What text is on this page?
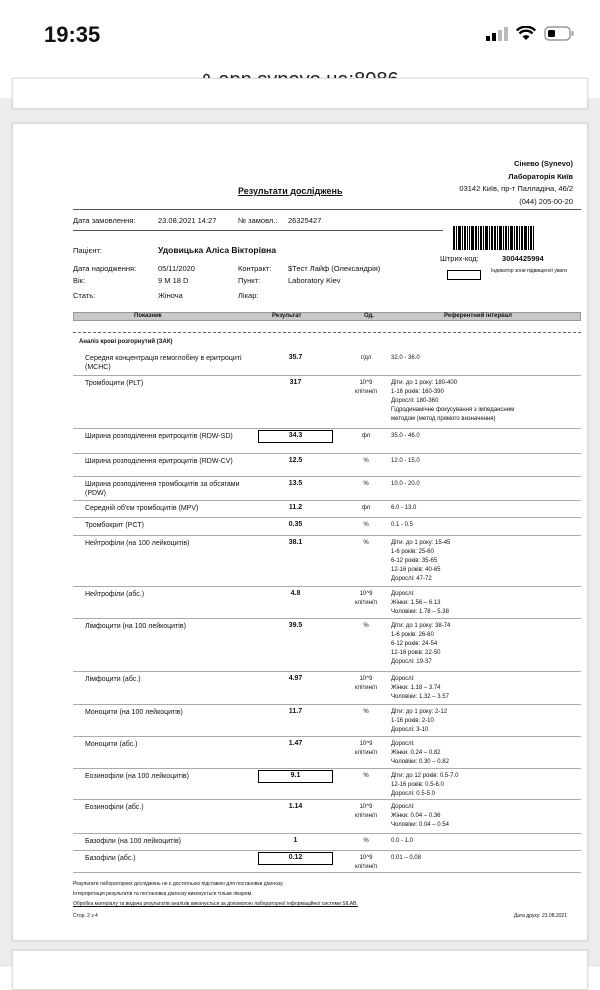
19:35
Сінево (Synevo)
Лабораторія Київ
03142 Київ, пр-т Палладіна, 46/2
(044) 205-00-20
Результати досліджень
Дата замовлення:	23.08.2021 14:27	№ замовл.: 26325427
Пацієнт:	Удовицька Аліса Вікторівна
Штрих-код:	3004425994
Індикатор зони підвищеної уваги
Дата народження:	05/11/2020	Контракт: $Тест Лайф (Олександрія)
Вік:	9 M 18 D	Пункт:	Laboratory Kiev
Стать:	Жіноча	Лікар:
Показник	Результат	Од.	Референтний інтервал
Аналіз крові розгорнутий (ЗАК)
Середня концентрація гемоглобіну в еритроциті (MCHC)
35.7	г/дл	32.0 - 36.0
Тромбоцити (PLT)	317	10^9 клітин/л
Діти: до 1 року: 180-400
1-16 років: 160-390
Дорослі: 180-360
Гідродинамічне фокусування з імпедансним
методом (метод прямого визначення)
Ширина розподілення еритроцитів (RDW-SD)	34.3	фл	35.0 - 46.0
Ширина розподілення еритроцитів (RDW-CV)	12.5	%	12.0 - 15.0
Ширина розподілення тромбоцитів за обсягами (PDW)
13.5	%	10.0 - 20.0
Середній об'єм тромбоцитів (MPV)	11.2	фл	6.0 - 13.0
Тромбокрит (PCT)	0.35	%	0.1 - 0.5
Нейтрофіли (на 100 лейкоцитів)	38.1	%	Діти: до 1 року: 15-45
1-6 років: 25-60
6-12 років: 35-65
12-16 років: 40-65
Дорослі: 47-72
Нейтрофіли (абс.)	4.8	10^9 клітин/л
Дорослі:
Жінки: 1.56 – 6.13
Чоловіки: 1.78 – 5.38
Лімфоцити (на 100 лейкоцитів)	39.5	%	Діти: до 1 року: 38-74
1-6 років: 26-60
6-12 років: 24-54
12-16 років: 22-50
Дорослі: 19-37
Лімфоцити (абс.)	4.97	10^9 клітин/л
Дорослі:
Жінки: 1.18 – 3.74
Чоловіки: 1.32 – 3.57
Моноцити (на 100 лейкоцитів)	11.7	%	Діти: до 1 року: 2-12
1-16 років: 2-10
Дорослі: 3-10
Моноцити (абс.)	1.47	10^9 клітин/л
Дорослі:
Жінки: 0.24 – 0.82
Чоловіки: 0.30 – 0.82
Еозинофіли (на 100 лейкоцитів)	9.1	%	Діти: до 12 років: 0.5-7.0
12-16 років: 0.5-6.0
Дорослі: 0.5-5.0
Еозинофіли (абс.)	1.14	10^9 клітин/л
Дорослі:
Жінки: 0.04 – 0.36
Чоловіки: 0.04 – 0.54
Базофіли (на 100 лейкоцитів)	1	%	0.0 - 1.0
Базофіли (абс.)	0.12	10^9 клітин/л
0.01 – 0.08
Результати лабораторних досліджень не є достатньою підставою для постановки діагнозу.
Інтерпретація результатів та постановка діагнозу виконується тільки лікарем.
Обробка матеріалу та видача результатів аналізів виконується за допомогою лабораторної інформаційної системи SILAB.
Стор. 2 з 4	Дата друку: 23.08.2021
